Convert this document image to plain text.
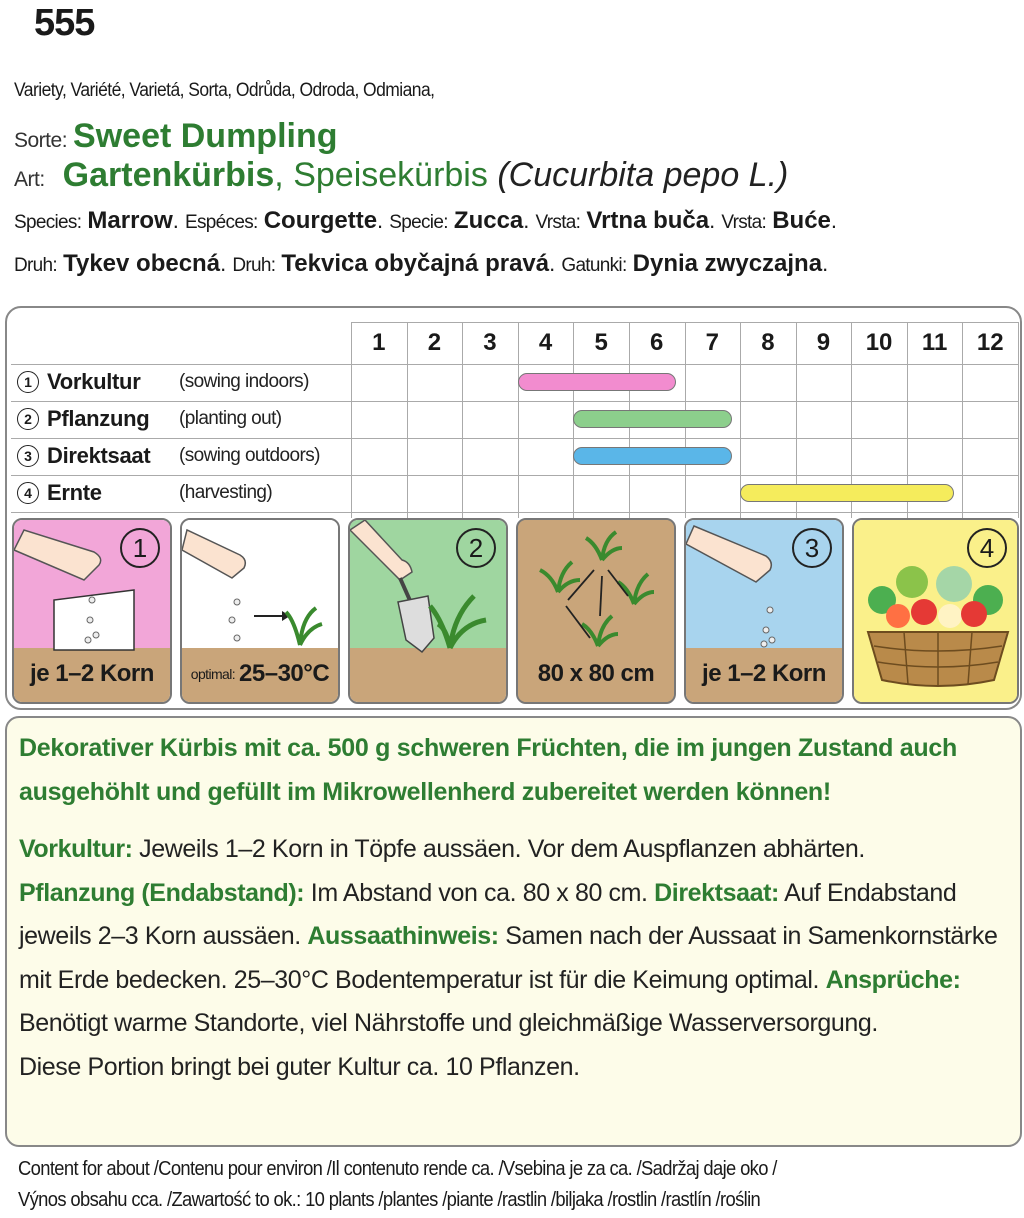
555
Variety, Variété, Varietá, Sorta, Odrůda, Odroda, Odmiana,
Sorte: Sweet Dumpling
Art: Gartenkürbis, Speisekürbis (Cucurbita pepo L.)
Species: Marrow. Espéces: Courgette. Specie: Zucca. Vrsta: Vrtna buča. Vrsta: Buće.
Druh: Tykev obecná. Druh: Tekvica obyčajná pravá. Gatunki: Dynia zwyczajna.
1 Vorkultur	(sowing indoors)
2 Pflanzung	(planting out)
3 Direktsaat	(sowing outdoors)
4 Ernte	(harvesting)
1	2	3	4	5	6	7	8	9	10	11	12
1
je 1–2 Korn	optimal: 25–30°C
2
80 x 80 cm
3
je 1–2 Korn
4
Dekorativer Kürbis mit ca. 500 g schweren Früchten, die im jungen Zustand auch ausgehöhlt und gefüllt im Mikrowellenherd zubereitet werden können!
Vorkultur: Jeweils 1–2 Korn in Töpfe aussäen. Vor dem Auspflanzen abhärten.
Pflanzung (Endabstand): Im Abstand von ca. 80 x 80 cm. Direktsaat: Auf Endabstand jeweils 2–3 Korn aussäen. Aussaathinweis: Samen nach der Aussaat in Samenkornstärke mit Erde bedecken. 25–30°C Bodentemperatur ist für die Keimung optimal. Ansprüche: Benötigt warme Standorte, viel Nährstoffe und gleichmäßige Wasserversorgung.
Diese Portion bringt bei guter Kultur ca. 10 Pflanzen.
Content for about /Contenu pour environ /Il contenuto rende ca. /Vsebina je za ca. /Sadržaj daje oko /
Výnos obsahu cca. /Zawartość to ok.: 10 plants /plantes /piante /rastlin /biljaka /rostlin /rastlín /roślin
